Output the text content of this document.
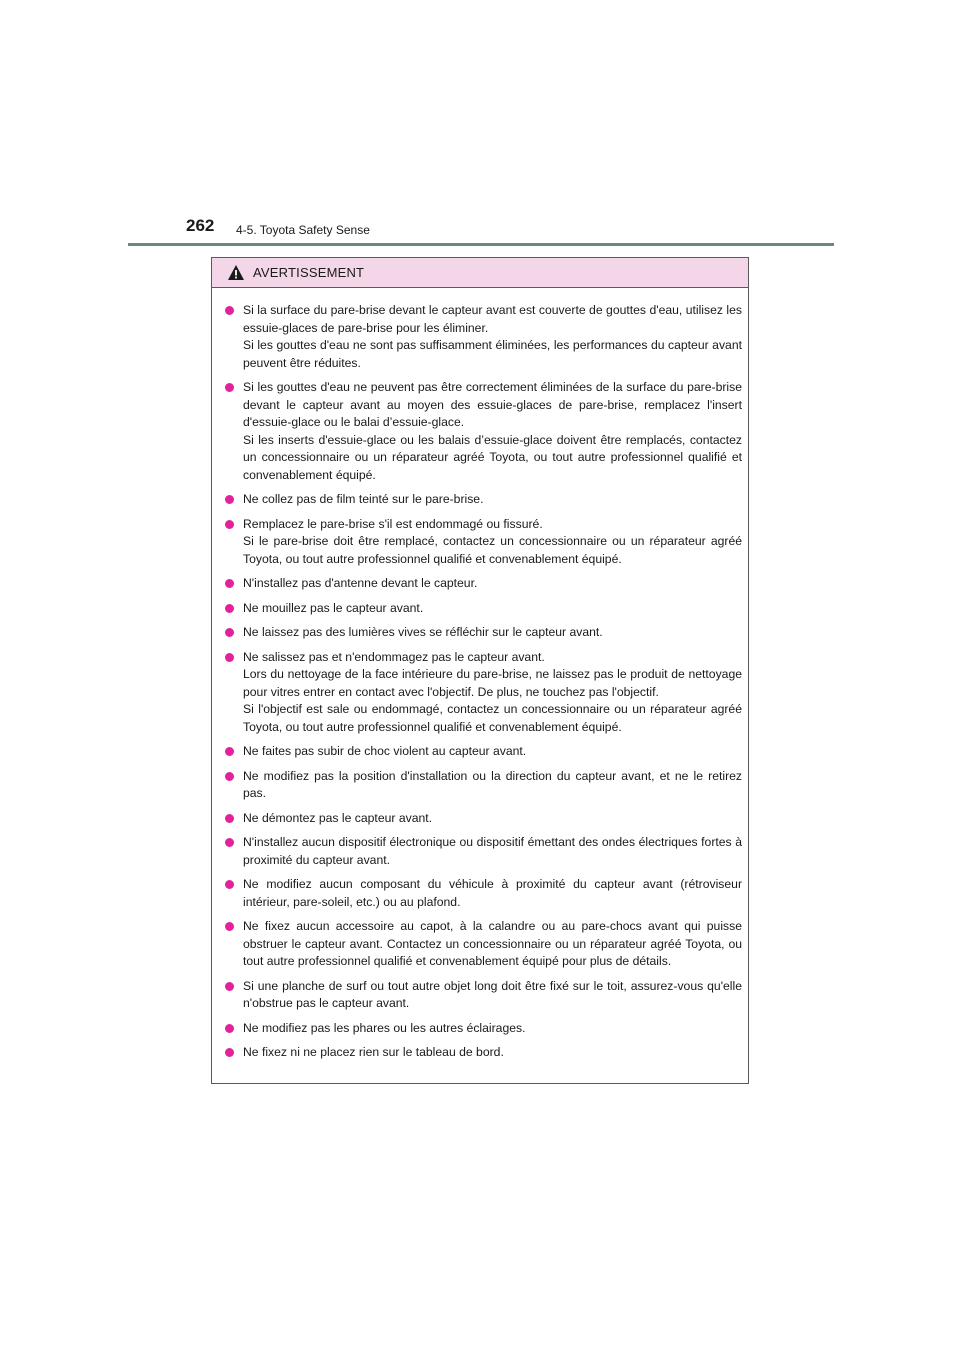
262 4-5. Toyota Safety Sense
AVERTISSEMENT
Si la surface du pare-brise devant le capteur avant est couverte de gouttes d'eau, utilisez les essuie-glaces de pare-brise pour les éliminer.
Si les gouttes d'eau ne sont pas suffisamment éliminées, les performances du capteur avant peuvent être réduites.
Si les gouttes d'eau ne peuvent pas être correctement éliminées de la surface du pare-brise devant le capteur avant au moyen des essuie-glaces de pare-brise, remplacez l'insert d'essuie-glace ou le balai d’essuie-glace.
Si les inserts d'essuie-glace ou les balais d’essuie-glace doivent être remplacés, contactez un concessionnaire ou un réparateur agréé Toyota, ou tout autre professionnel qualifié et convenablement équipé.
Ne collez pas de film teinté sur le pare-brise.
Remplacez le pare-brise s'il est endommagé ou fissuré.
Si le pare-brise doit être remplacé, contactez un concessionnaire ou un réparateur agréé Toyota, ou tout autre professionnel qualifié et convenablement équipé.
N'installez pas d'antenne devant le capteur.
Ne mouillez pas le capteur avant.
Ne laissez pas des lumières vives se réfléchir sur le capteur avant.
Ne salissez pas et n'endommagez pas le capteur avant.
Lors du nettoyage de la face intérieure du pare-brise, ne laissez pas le produit de nettoyage pour vitres entrer en contact avec l'objectif. De plus, ne touchez pas l'objectif.
Si l'objectif est sale ou endommagé, contactez un concessionnaire ou un réparateur agréé Toyota, ou tout autre professionnel qualifié et convenablement équipé.
Ne faites pas subir de choc violent au capteur avant.
Ne modifiez pas la position d'installation ou la direction du capteur avant, et ne le retirez pas.
Ne démontez pas le capteur avant.
N'installez aucun dispositif électronique ou dispositif émettant des ondes électriques fortes à proximité du capteur avant.
Ne modifiez aucun composant du véhicule à proximité du capteur avant (rétroviseur intérieur, pare-soleil, etc.) ou au plafond.
Ne fixez aucun accessoire au capot, à la calandre ou au pare-chocs avant qui puisse obstruer le capteur avant. Contactez un concessionnaire ou un réparateur agréé Toyota, ou tout autre professionnel qualifié et convenablement équipé pour plus de détails.
Si une planche de surf ou tout autre objet long doit être fixé sur le toit, assurez-vous qu'elle n'obstrue pas le capteur avant.
Ne modifiez pas les phares ou les autres éclairages.
Ne fixez ni ne placez rien sur le tableau de bord.
